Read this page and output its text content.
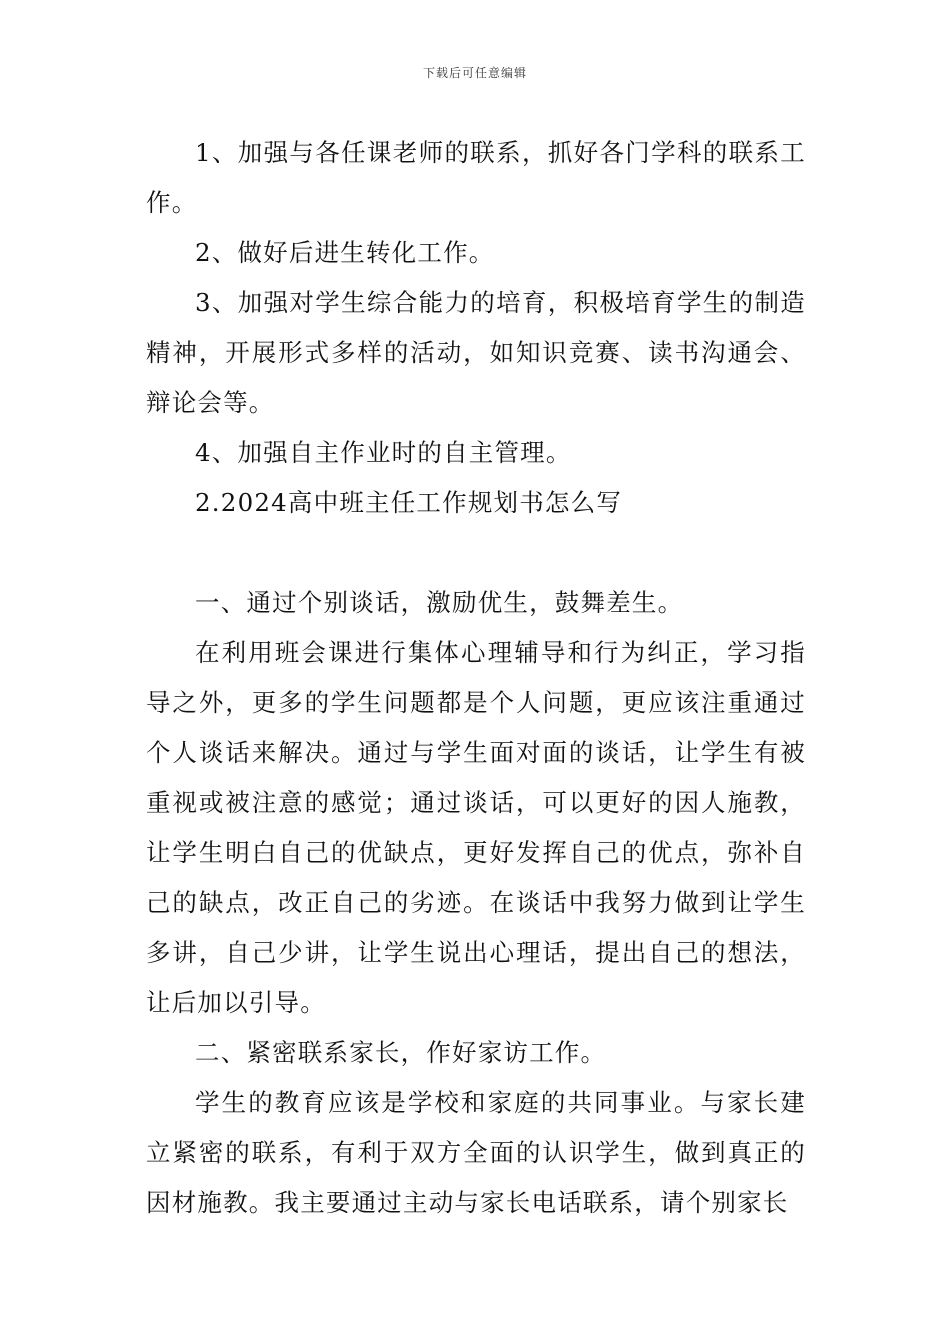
下载后可任意编辑

1、加强与各任课老师的联系，抓好各门学科的联系工作。

2、做好后进生转化工作。

3、加强对学生综合能力的培育，积极培育学生的制造精神，开展形式多样的活动，如知识竞赛、读书沟通会、辩论会等。

4、加强自主作业时的自主管理。

2.2024高中班主任工作规划书怎么写

一、通过个别谈话，激励优生，鼓舞差生。

在利用班会课进行集体心理辅导和行为纠正，学习指导之外，更多的学生问题都是个人问题，更应该注重通过个人谈话来解决。通过与学生面对面的谈话，让学生有被重视或被注意的感觉；通过谈话，可以更好的因人施教，让学生明白自己的优缺点，更好发挥自己的优点，弥补自己的缺点，改正自己的劣迹。在谈话中我努力做到让学生多讲，自己少讲，让学生说出心理话，提出自己的想法，让后加以引导。

二、紧密联系家长，作好家访工作。

学生的教育应该是学校和家庭的共同事业。与家长建立紧密的联系，有利于双方全面的认识学生，做到真正的因材施教。我主要通过主动与家长电话联系，请个别家长
